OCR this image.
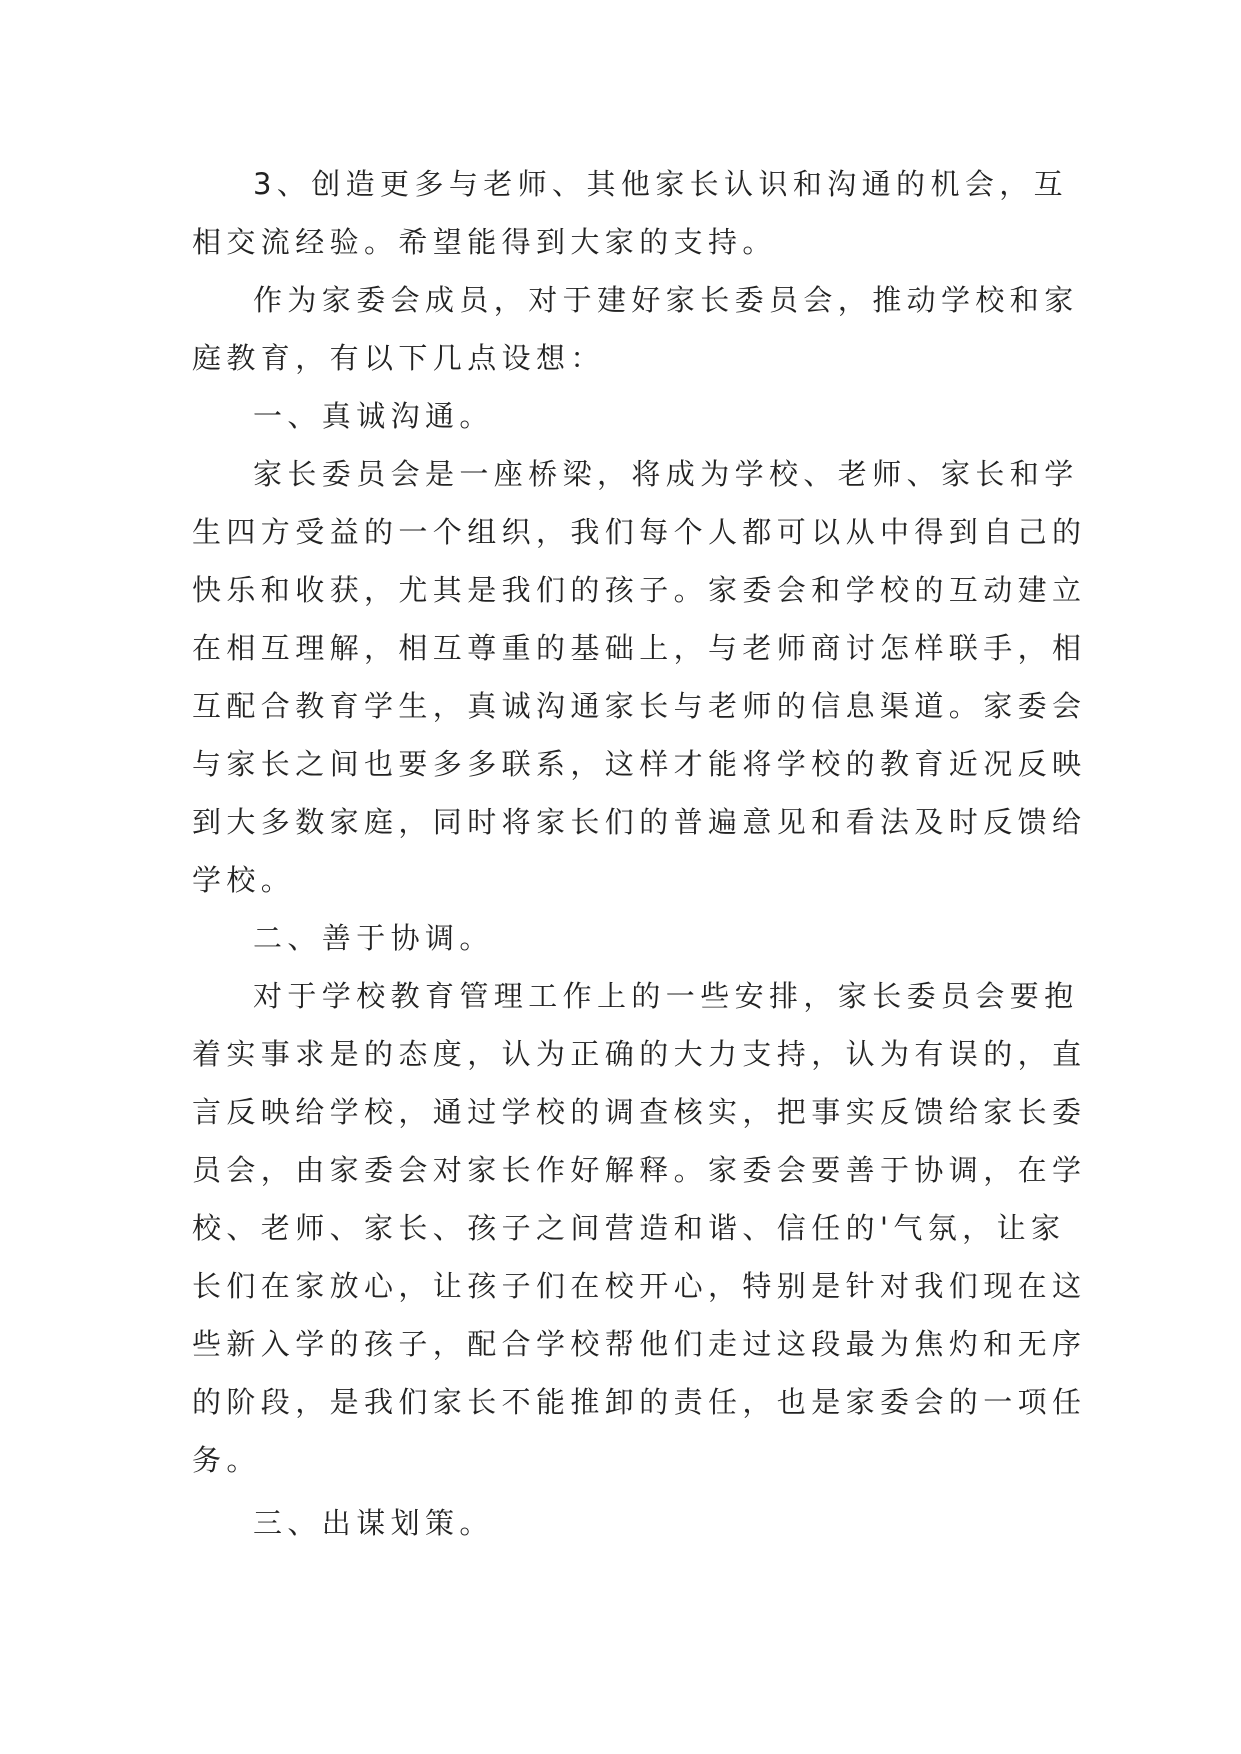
3、创造更多与老师、其他家长认识和沟通的机会，互
相交流经验。希望能得到大家的支持。
作为家委会成员，对于建好家长委员会，推动学校和家
庭教育，有以下几点设想：
一、真诚沟通。
家长委员会是一座桥梁，将成为学校、老师、家长和学
生四方受益的一个组织，我们每个人都可以从中得到自己的
快乐和收获，尤其是我们的孩子。家委会和学校的互动建立
在相互理解，相互尊重的基础上，与老师商讨怎样联手，相
互配合教育学生，真诚沟通家长与老师的信息渠道。家委会
与家长之间也要多多联系，这样才能将学校的教育近况反映
到大多数家庭，同时将家长们的普遍意见和看法及时反馈给
学校。
二、善于协调。
对于学校教育管理工作上的一些安排，家长委员会要抱
着实事求是的态度，认为正确的大力支持，认为有误的，直
言反映给学校，通过学校的调查核实，把事实反馈给家长委
员会，由家委会对家长作好解释。家委会要善于协调，在学
校、老师、家长、孩子之间营造和谐、信任的'气氛，让家
长们在家放心，让孩子们在校开心，特别是针对我们现在这
些新入学的孩子，配合学校帮他们走过这段最为焦灼和无序
的阶段，是我们家长不能推卸的责任，也是家委会的一项任
务。
三、出谋划策。
